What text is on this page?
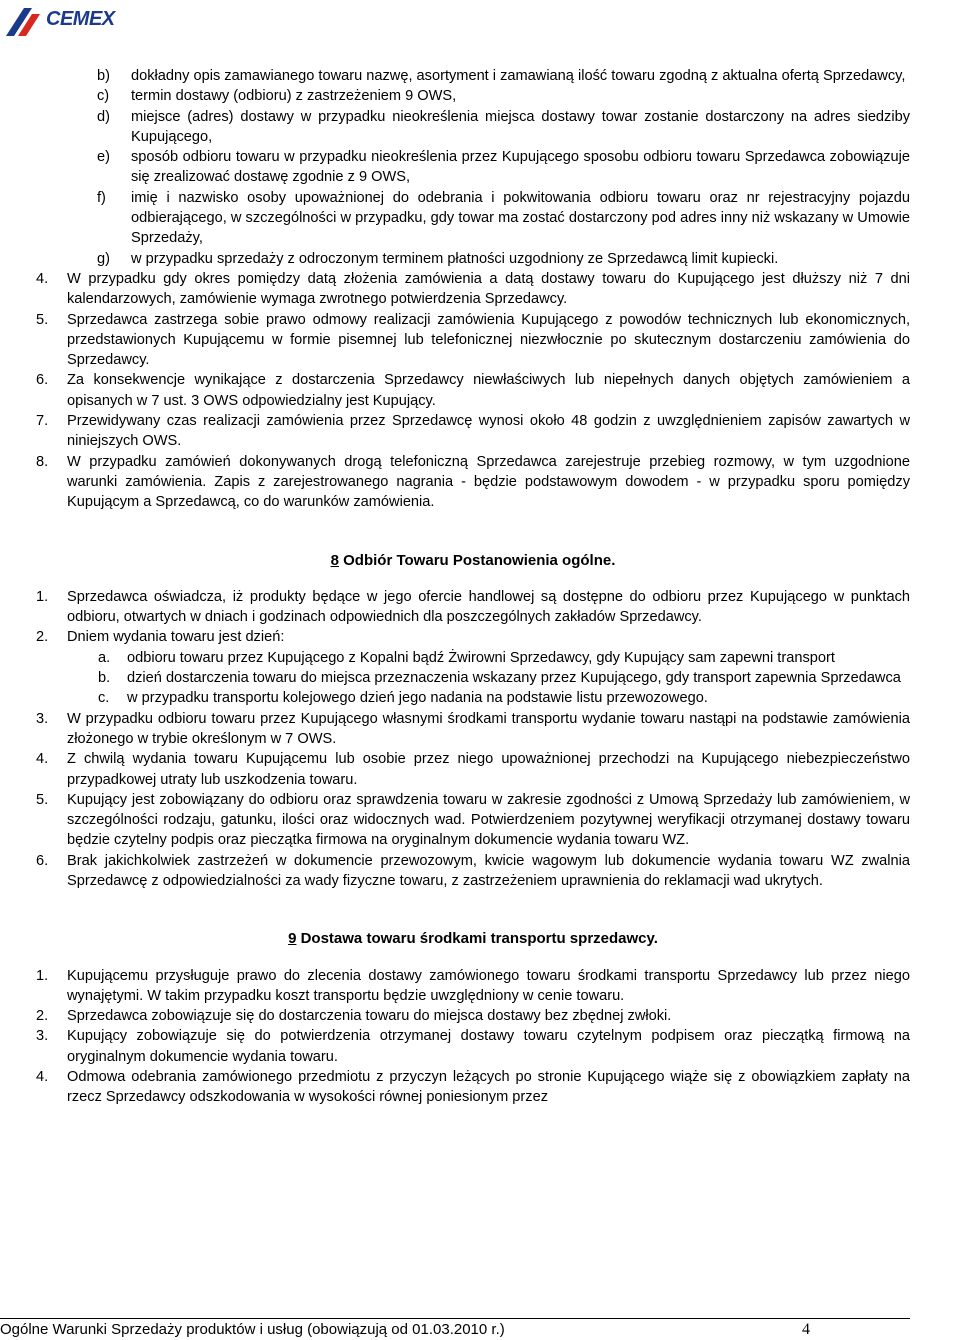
CEMEX
b)	dokładny opis zamawianego towaru nazwę, asortyment i zamawianą ilość towaru zgodną z aktualna ofertą Sprzedawcy,
c)	termin dostawy (odbioru) z zastrzeżeniem 9 OWS,
d)	miejsce (adres) dostawy w przypadku nieokreślenia miejsca dostawy towar zostanie dostarczony na adres siedziby Kupującego,
e)	sposób odbioru towaru w przypadku nieokreślenia przez Kupującego sposobu odbioru towaru Sprzedawca zobowiązuje się zrealizować dostawę zgodnie z 9 OWS,
f)	imię i nazwisko osoby upoważnionej do odebrania i pokwitowania odbioru towaru oraz nr rejestracyjny pojazdu odbierającego, w szczególności w przypadku, gdy towar ma zostać dostarczony pod adres inny niż wskazany w Umowie Sprzedaży,
g)	w przypadku sprzedaży z odroczonym terminem płatności uzgodniony ze Sprzedawcą limit kupiecki.
4.	W przypadku gdy okres pomiędzy datą złożenia zamówienia a datą dostawy towaru do Kupującego jest dłuższy niż 7 dni kalendarzowych, zamówienie wymaga zwrotnego potwierdzenia Sprzedawcy.
5.	Sprzedawca zastrzega sobie prawo odmowy realizacji zamówienia Kupującego z powodów technicznych lub ekonomicznych, przedstawionych Kupującemu w formie pisemnej lub telefonicznej niezwłocznie po skutecznym dostarczeniu zamówienia do Sprzedawcy.
6.	Za konsekwencje wynikające z dostarczenia Sprzedawcy niewłaściwych lub niepełnych danych objętych zamówieniem a opisanych w 7 ust. 3 OWS odpowiedzialny jest Kupujący.
7.	Przewidywany czas realizacji zamówienia przez Sprzedawcę wynosi około 48 godzin z uwzględnieniem zapisów zawartych w niniejszych OWS.
8.	W przypadku zamówień dokonywanych drogą telefoniczną Sprzedawca zarejestruje przebieg rozmowy, w tym uzgodnione warunki zamówienia. Zapis z zarejestrowanego nagrania - będzie podstawowym dowodem - w przypadku sporu pomiędzy Kupującym a Sprzedawcą, co do warunków zamówienia.
8 Odbiór Towaru Postanowienia ogólne.
1.	Sprzedawca oświadcza, iż produkty będące w jego ofercie handlowej są dostępne do odbioru przez Kupującego w punktach odbioru, otwartych w dniach i godzinach odpowiednich dla poszczególnych zakładów Sprzedawcy.
2.	Dniem wydania towaru jest dzień:
a.	odbioru towaru przez Kupującego z Kopalni bądź Żwirowni Sprzedawcy, gdy Kupujący sam zapewni transport
b.	dzień dostarczenia towaru do miejsca przeznaczenia wskazany przez Kupującego, gdy transport zapewnia Sprzedawca
c.	w przypadku transportu kolejowego dzień jego nadania na podstawie listu przewozowego.
3.	W przypadku odbioru towaru przez Kupującego własnymi środkami transportu wydanie towaru nastąpi na podstawie zamówienia złożonego w trybie określonym w 7 OWS.
4.	Z chwilą wydania towaru Kupującemu lub osobie przez niego upoważnionej przechodzi na Kupującego niebezpieczeństwo przypadkowej utraty lub uszkodzenia towaru.
5.	Kupujący jest zobowiązany do odbioru oraz sprawdzenia towaru w zakresie zgodności z Umową Sprzedaży lub zamówieniem, w szczególności rodzaju, gatunku, ilości oraz widocznych wad. Potwierdzeniem pozytywnej weryfikacji otrzymanej dostawy towaru będzie czytelny podpis oraz pieczątka firmowa na oryginalnym dokumencie wydania towaru WZ.
6.	Brak jakichkolwiek zastrzeżeń w dokumencie przewozowym, kwicie wagowym lub dokumencie wydania towaru WZ zwalnia Sprzedawcę z odpowiedzialności za wady fizyczne towaru, z zastrzeżeniem uprawnienia do reklamacji wad ukrytych.
9 Dostawa towaru środkami transportu sprzedawcy.
1.	Kupującemu przysługuje prawo do zlecenia dostawy zamówionego towaru środkami transportu Sprzedawcy lub przez niego wynajętymi. W takim przypadku koszt transportu będzie uwzględniony w cenie towaru.
2.	Sprzedawca zobowiązuje się do dostarczenia towaru do miejsca dostawy bez zbędnej zwłoki.
3.	Kupujący zobowiązuje się do potwierdzenia otrzymanej dostawy towaru czytelnym podpisem oraz pieczątką firmową na oryginalnym dokumencie wydania towaru.
4.	Odmowa odebrania zamówionego przedmiotu z przyczyn leżących po stronie Kupującego wiąże się z obowiązkiem zapłaty na rzecz Sprzedawcy odszkodowania w wysokości równej poniesionym przez
Ogólne Warunki Sprzedaży produktów i usług (obowiązują od 01.03.2010 r.)	4
